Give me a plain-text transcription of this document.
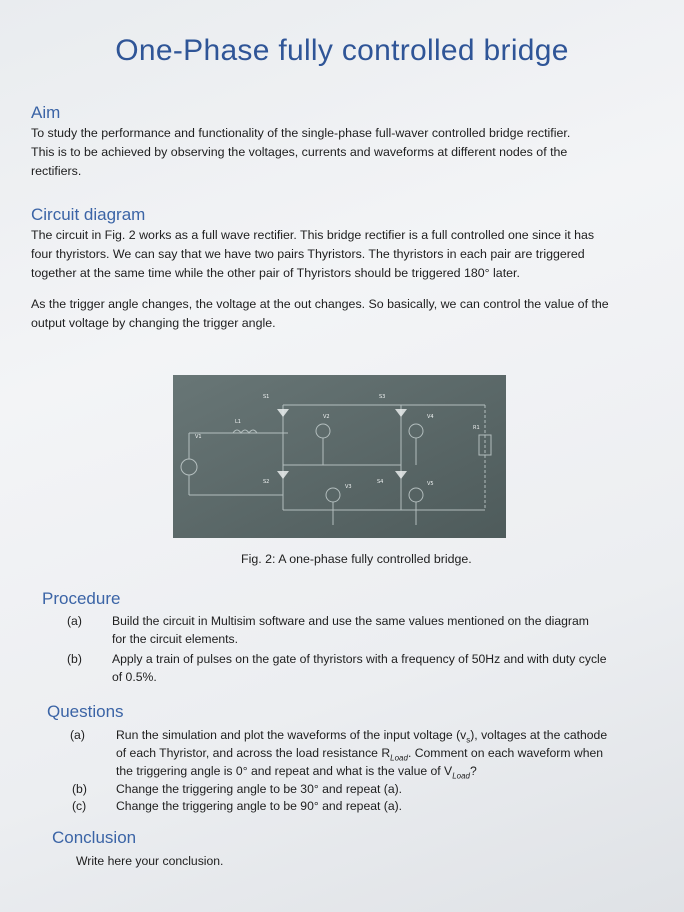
One-Phase fully controlled bridge
Aim
To study the performance and functionality of the single-phase full-waver controlled bridge rectifier.
This is to be achieved by observing the voltages, currents and waveforms at different nodes of the
rectifiers.
Circuit diagram
The circuit in Fig. 2 works as a full wave rectifier. This bridge rectifier is a full controlled one since it has
four thyristors. We can say that we have two pairs Thyristors. The thyristors in each pair are triggered
together at the same time while the other pair of Thyristors should be triggered 180° later.
As the trigger angle changes, the voltage at the out changes. So basically, we can control the value of the
output voltage by changing the trigger angle.
S1	S3
S2	S4
V1
V2
V3
V4
V5
L1
R1
Fig. 2: A one-phase fully controlled bridge.
Procedure
(a)	Build the circuit in Multisim software and use the same values mentioned on the diagram
for the circuit elements.
(b)	Apply a train of pulses on the gate of thyristors with a frequency of 50Hz and with duty cycle
of 0.5%.
Questions
(a)	Run the simulation and plot the waveforms of the input voltage $(v_s)$, voltages at the cathode
of each Thyristor, and across the load resistance $R_{Load}$. Comment on each waveform when
the triggering angle is 0° and repeat and what is the value of $V_{Load}$?
(b)	Change the triggering angle to be 30° and repeat (a).
(c)	Change the triggering angle to be 90° and repeat (a).
Conclusion
Write here your conclusion.
